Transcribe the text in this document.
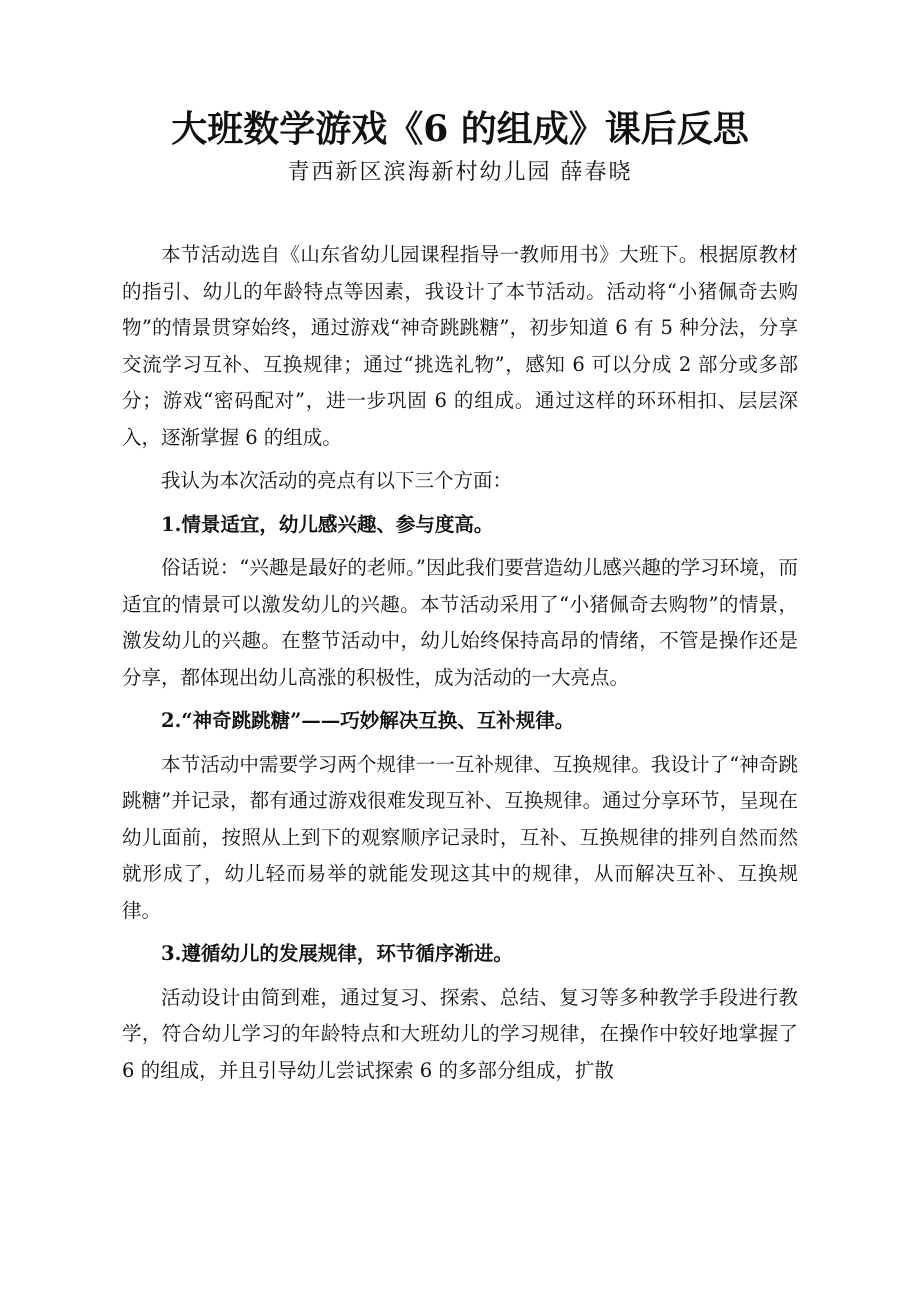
大班数学游戏《6 的组成》课后反思
青西新区滨海新村幼儿园 薛春晓

本节活动选自《山东省幼儿园课程指导一教师用书》大班下。根据原教材的指引、幼儿的年龄特点等因素，我设计了本节活动。活动将“小猪佩奇去购物”的情景贯穿始终，通过游戏“神奇跳跳糖”，初步知道 6 有 5 种分法，分享交流学习互补、互换规律；通过“挑选礼物”，感知 6 可以分成 2 部分或多部分；游戏“密码配对”，进一步巩固 6 的组成。通过这样的环环相扣、层层深入，逐渐掌握 6 的组成。

我认为本次活动的亮点有以下三个方面：

1.情景适宜，幼儿感兴趣、参与度高。

俗话说：“兴趣是最好的老师。”因此我们要营造幼儿感兴趣的学习环境，而适宜的情景可以激发幼儿的兴趣。本节活动采用了“小猪佩奇去购物”的情景，激发幼儿的兴趣。在整节活动中，幼儿始终保持高昂的情绪，不管是操作还是分享，都体现出幼儿高涨的积极性，成为活动的一大亮点。

2.“神奇跳跳糖”——巧妙解决互换、互补规律。

本节活动中需要学习两个规律一一互补规律、互换规律。我设计了“神奇跳跳糖”并记录，都有通过游戏很难发现互补、互换规律。通过分享环节，呈现在幼儿面前，按照从上到下的观察顺序记录时，互补、互换规律的排列自然而然就形成了，幼儿轻而易举的就能发现这其中的规律，从而解决互补、互换规律。

3.遵循幼儿的发展规律，环节循序渐进。

活动设计由简到难，通过复习、探索、总结、复习等多种教学手段进行教学，符合幼儿学习的年龄特点和大班幼儿的学习规律，在操作中较好地掌握了 6 的组成，并且引导幼儿尝试探索 6 的多部分组成，扩散
